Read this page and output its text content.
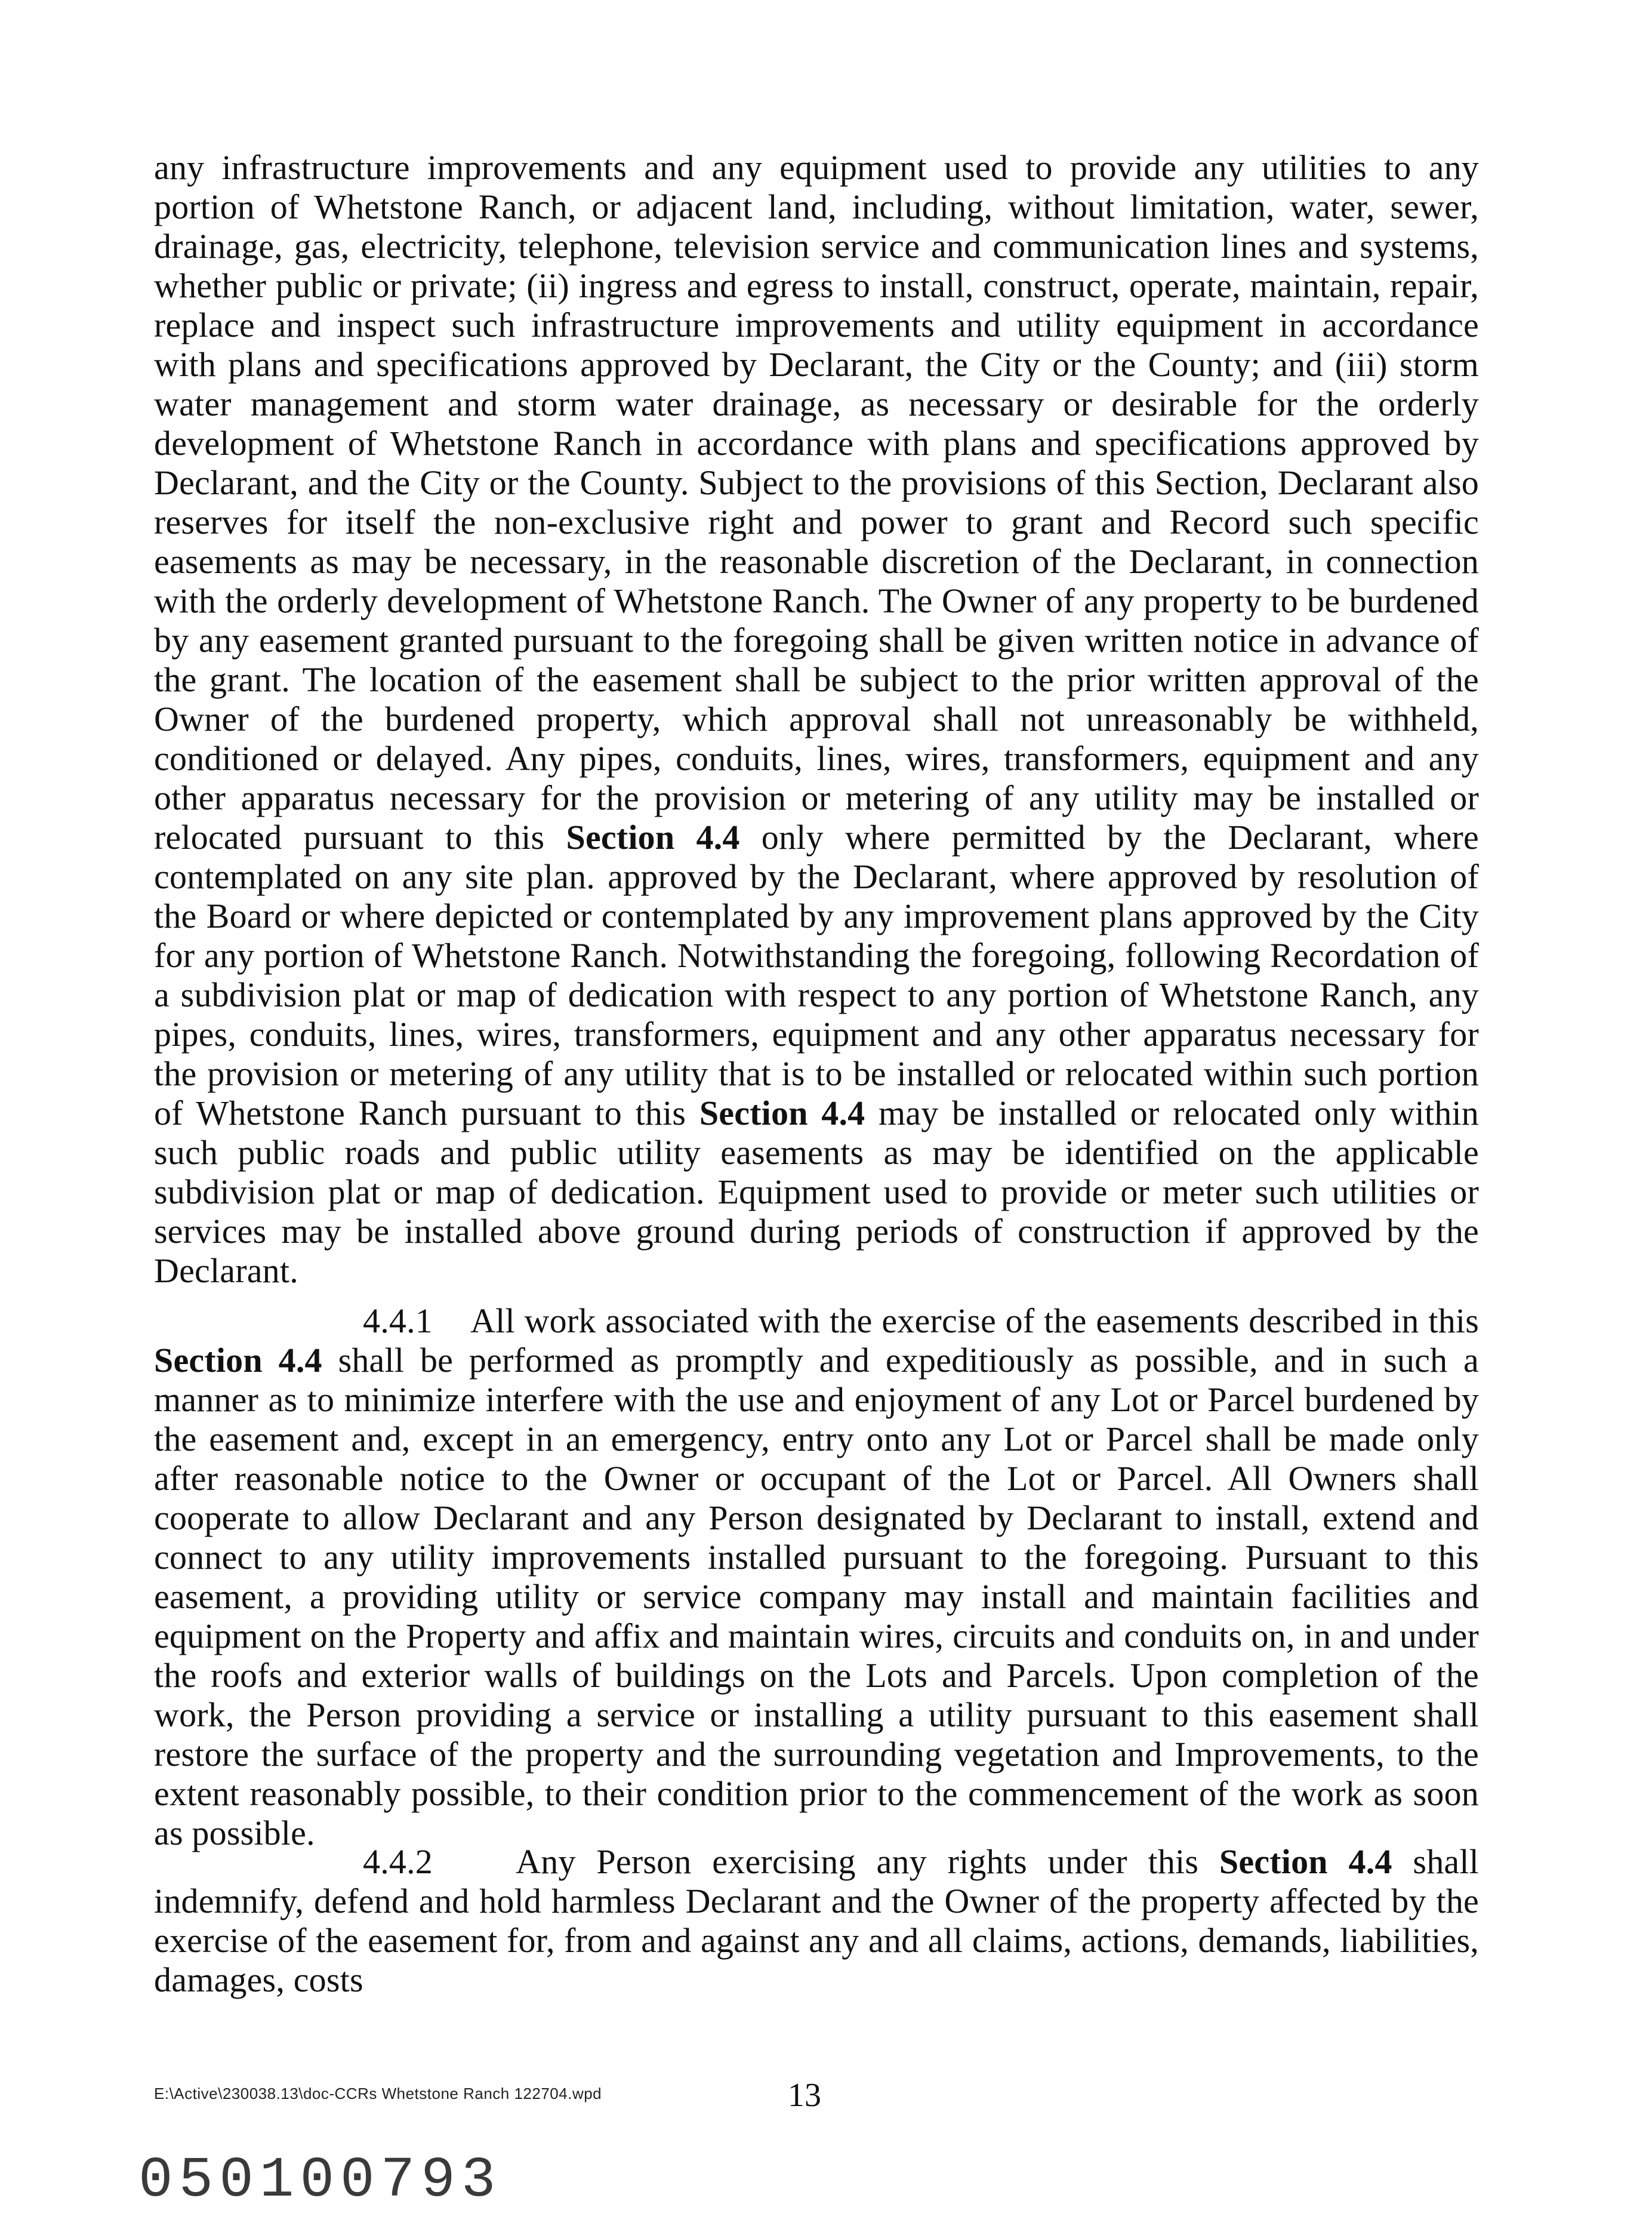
any infrastructure improvements and any equipment used to provide any utilities to any portion of Whetstone Ranch, or adjacent land, including, without limitation, water, sewer, drainage, gas, electricity, telephone, television service and communication lines and systems, whether public or private; (ii) ingress and egress to install, construct, operate, maintain, repair, replace and inspect such infrastructure improvements and utility equipment in accordance with plans and specifications approved by Declarant, the City or the County; and (iii) storm water management and storm water drainage, as necessary or desirable for the orderly development of Whetstone Ranch in accordance with plans and specifications approved by Declarant, and the City or the County. Subject to the provisions of this Section, Declarant also reserves for itself the non-exclusive right and power to grant and Record such specific easements as may be necessary, in the reasonable discretion of the Declarant, in connection with the orderly development of Whetstone Ranch. The Owner of any property to be burdened by any easement granted pursuant to the foregoing shall be given written notice in advance of the grant. The location of the easement shall be subject to the prior written approval of the Owner of the burdened property, which approval shall not unreasonably be withheld, conditioned or delayed. Any pipes, conduits, lines, wires, transformers, equipment and any other apparatus necessary for the provision or metering of any utility may be installed or relocated pursuant to this Section 4.4 only where permitted by the Declarant, where contemplated on any site plan. approved by the Declarant, where approved by resolution of the Board or where depicted or contemplated by any improvement plans approved by the City for any portion of Whetstone Ranch. Notwithstanding the foregoing, following Recordation of a subdivision plat or map of dedication with respect to any portion of Whetstone Ranch, any pipes, conduits, lines, wires, transformers, equipment and any other apparatus necessary for the provision or metering of any utility that is to be installed or relocated within such portion of Whetstone Ranch pursuant to this Section 4.4 may be installed or relocated only within such public roads and public utility easements as may be identified on the applicable subdivision plat or map of dedication. Equipment used to provide or meter such utilities or services may be installed above ground during periods of construction if approved by the Declarant.

4.4.1 All work associated with the exercise of the easements described in this Section 4.4 shall be performed as promptly and expeditiously as possible, and in such a manner as to minimize interfere with the use and enjoyment of any Lot or Parcel burdened by the easement and, except in an emergency, entry onto any Lot or Parcel shall be made only after reasonable notice to the Owner or occupant of the Lot or Parcel. All Owners shall cooperate to allow Declarant and any Person designated by Declarant to install, extend and connect to any utility improvements installed pursuant to the foregoing. Pursuant to this easement, a providing utility or service company may install and maintain facilities and equipment on the Property and affix and maintain wires, circuits and conduits on, in and under the roofs and exterior walls of buildings on the Lots and Parcels. Upon completion of the work, the Person providing a service or installing a utility pursuant to this easement shall restore the surface of the property and the surrounding vegetation and Improvements, to the extent reasonably possible, to their condition prior to the commencement of the work as soon as possible.

4.4.2 Any Person exercising any rights under this Section 4.4 shall indemnify, defend and hold harmless Declarant and the Owner of the property affected by the exercise of the easement for, from and against any and all claims, actions, demands, liabilities, damages, costs

E:\Active\230038.13\doc-CCRs Whetstone Ranch 122704.wpd	13
050100793
